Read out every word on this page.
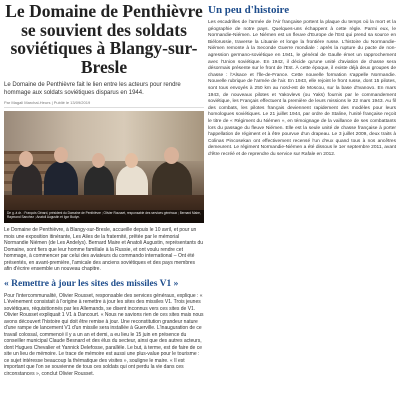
Le Domaine de Penthièvre se souvient des soldats soviétiques à Blangy-sur-Bresle

Le Domaine de Penthièvre fait le lien entre les acteurs pour rendre hommage aux soldats soviétiques disparus en 1944.

Par Magali Marchal-Heurs | Publié le 13/09/2019
De g. à dr. : François Gérard, président du Domaine de Penthièvre ; Olivier Rousset, responsable des services généraux ; Bernard Maire, Raymond Sanchez ; Anatoli Augustin et Igor Budyn.

Le Domaine de Penthièvre, à Blangy-sur-Bresle, accueille depuis le 10 avril, et pour un mois une exposition itinérante, Les Ailes de la fraternité, prêtée par le mémorial Normandie Niémen (de Les Andelys). Bernard Maire et Anatoli Augustin, représentants du Domaine, sont fiers que leur homme familiale à la Russie, et ont voulu rendre cet hommage, à commencer par celui des aviateurs du commando international – Ont été présentés, en avant-première, l'amicale des anciens soviétiques et des pays membres afin d'écrire ensemble un nouveau chapitre.

« Remettre à jour les sites des missiles V1 »

Pour l'intercommunalité, Olivier Rousset, responsable des services généraux, explique : « L'événement consistait à l'origine à remettre à jour les sites des missiles V1. Trois jeunes soviétiques, réquisitionnés par les Allemands, se disent inconnus vers ces sites de V1. Olivier Rousset expliquait 1 V1 à Dancourt. « Nous ne savions rien de ces sites mais nous avons découvert l'histoire qui doit être remise à jour. Une reconstitution grandeur nature d'une rampe de lancement V1 d'un missile sera installée à Guerville. L'inauguration de ce travail colossal, commencé il y a un an et demi, a eu lieu le 15 juin en présence du conseiller municipal Claude Besnard et des élus du secteur, ainsi que des autres acteurs, dont Hugues Chevalier et Yannick Delefosse, parallèle. Le but, à terme, est de faire de ce site un lieu de mémoire. Le trace de mémoire est aussi une plus-value pour le tourisme : ce sujet intéresse beaucoup la thématique des visites », souligne le maire. « Il est important que l'on se souvienne de tous ces soldats qui ont perdu la vie dans ces circonstances », conclut Olivier Rousset.

Un peu d'histoire

Les escadrilles de l'armée de l'Air française portent la plaque du temps où la mort et la géographie de notre pays. Quelques-uns échappent à cette règle. Parmi eux, le Normandie-Niémen. Le Niémen est un fleuve d'Europe de l'Est qui prend sa source en Biélorussie, traverse la Lituanie et longe la frontière russe. L'histoire du Normandie-Niémen remonte à la Seconde Guerre mondiale : après la rupture du pacte de non-agression germano-soviétique en 1941, le général de Gaulle émet un rapprochement avec l'Union soviétique. En 1942, il décide qu'une unité d'aviation de chasse sera désormais présente sur le front de l'Est. À cette époque, il existe déjà deux groupes de chasse : l'Alsace et l'Île-de-France. Cette nouvelle formation s'appelle Normandie. Nouvelle rubrique de l'armée de l'air. En 1943, elle rejoint le front russe, dont 15 pilotes, sont tous envoyés à 250 km au nord-est de Moscou, sur la base d'Ivanovo. En mars 1943, de nouveaux pilotes et Yakovlevs (ou Yaks) fournis par le commandement soviétique, les Français effectuent la première de leurs missions le 22 mars 1943. Au fil des combats, les pilotes français deviennent rapidement des modèles pour leurs homologues soviétiques. Le 21 juillet 1944, par ordre de Staline, l'unité française reçoit le titre de « Régiment du Niémen », en témoignage de la vaillance de ses combattants lors du passage du fleuve Niémen. Elle est la seule unité de chasse française à porter l'appellation de régiment et à être pourvue d'un drapeau. Le 3 juillet 2009, deux traits à Colinas Pincosekan ont effectivement recensé l'un d'eux quand tous à nos ancêtres demeurent. Le régiment Normandie-Niémen a été dissous le 1er septembre 2011, avant d'être recréé et de reprendre du service sur Rafale en 2012.
